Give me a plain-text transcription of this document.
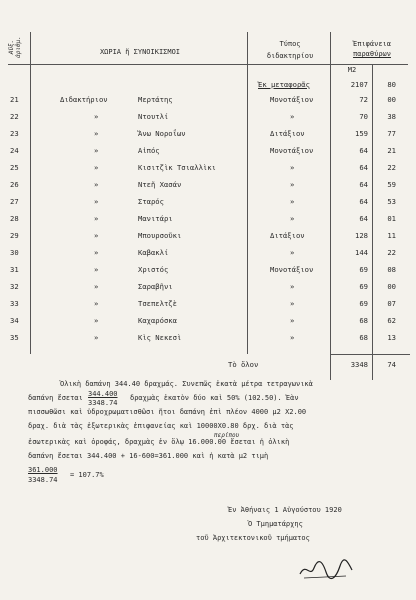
Αὔξ. ἀριθμ.	ΧΩΡΙΑ ἤ ΣΥΝΟΙΚΙΣΜΟΙ
Τύπος
διδακτηρίου
Ἐπιφάνεια
παραθύρων
Μ2
Ἐκ μεταφορᾶς	2107	80
21	Διδακτήριον	Μερτάτης	Μονοτάξιον	72	00
22	»	Ντουτλί	»	70	38
23	»	Ἄνω Νοροΐων	Διτάξιον	159	77
24	»	Αἰπός	Μονοτάξιον	64	21
25	»	Κισιτζὶκ Τσιαλλὶκι	»	64	22
26	»	Ντεῆ Χασάν	»	64	59
27	»	Σταρός	»	64	53
28	»	Μανιτάρι	»	64	01
29	»	Μπουρσοῦκι	Διτάξιον	128	11
30	»	Καβακλί	»	144	22
31	»	Χριστός	Μονοτάξιον	69	08
32	»	Σαραβῆνι	»	69	00
33	»	Τσεπελτζὲ	»	69	07
34	»	Καχαρόσκα	»	68	62
35	»	Κὶς Νεκεσὶ	»	68	13
Τὸ ὅλον	3348	74
Ὁλικὴ δαπάνη 344.40 δραχμάς. Συνεπῶς ἑκατὰ μέτρα τετραγωνικὰ
δαπάνη ἔσεται 344.400
3348.74
δραχμὰς ἑκατὸν δύο καὶ 50% (102.50). Ἐὰν
πισσωθῶσι καὶ ὑδροχρωματισθῶσι ἤτοι δαπάνη ἐπὶ πλέον 4000 μ2 X2.00
δραχ. διὰ τὰς ἐξωτερικὰς ἐπιφανείας καὶ 10000X0.80 δρχ. διὰ τὰς
περίπου
ἐσωτερικὰς καὶ ὀροφάς, δραχμὰς ἐν ὅλῳ 16.000.00 ἔσεται ἡ ὁλικὴ
δαπάνη ἔσεται 344.400 + 16-600=361.000 καὶ ἡ κατὰ μ2 τιμὴ
361.000
3348.74
= 107.7%
Ἐν Ἀθήναις 1 Αὐγούστου 1920
Ὁ Τμηματάρχης
τοῦ Ἀρχιτεκτονικοῦ τμήματος
